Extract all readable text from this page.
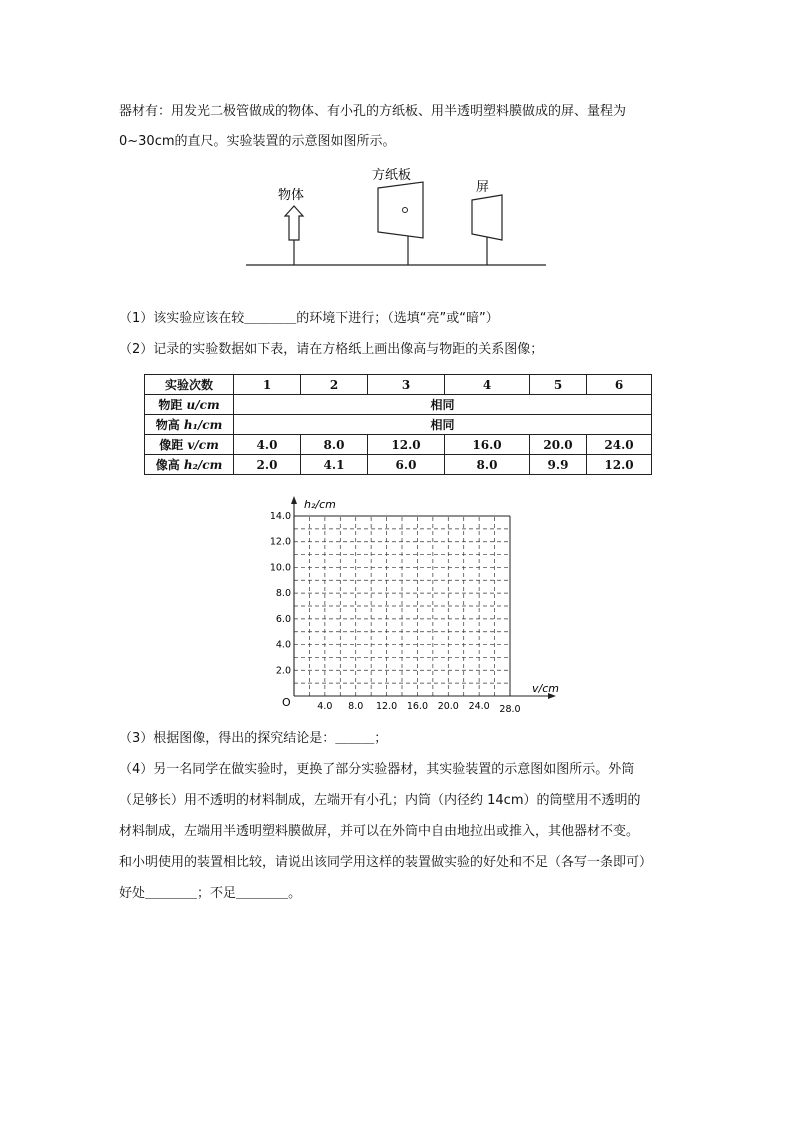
器材有：用发光二极管做成的物体、有小孔的方纸板、用半透明塑料膜做成的屏、量程为
0~30cm的直尺。实验装置的示意图如图所示。
物体
方纸板
屏
（1）该实验应该在较＿＿＿＿的环境下进行；（选填“亮”或“暗”）
（2）记录的实验数据如下表，请在方格纸上画出像高与物距的关系图像；
实验次数	1	2	3	4	5	6
物距 u/cm	相同					
物高 h₁/cm	相同					
像距 v/cm	4.0	8.0	12.0	16.0	20.0	24.0
像高 h₂/cm	2.0	4.1	6.0	8.0	9.9	12.0
4.0 8.0 12.0 16.0 20.0 24.0 28.0
2.0
4.0
6.0
8.0
10.0
12.0
14.0
O
h₂/cm
v/cm
（3）根据图像，得出的探究结论是：＿＿＿；
（4）另一名同学在做实验时，更换了部分实验器材，其实验装置的示意图如图所示。外筒
（足够长）用不透明的材料制成，左端开有小孔；内筒（内径约 14cm）的筒壁用不透明的
材料制成，左端用半透明塑料膜做屏，并可以在外筒中自由地拉出或推入，其他器材不变。
和小明使用的装置相比较，请说出该同学用这样的装置做实验的好处和不足（各写一条即可）
好处＿＿＿＿；不足＿＿＿＿。
